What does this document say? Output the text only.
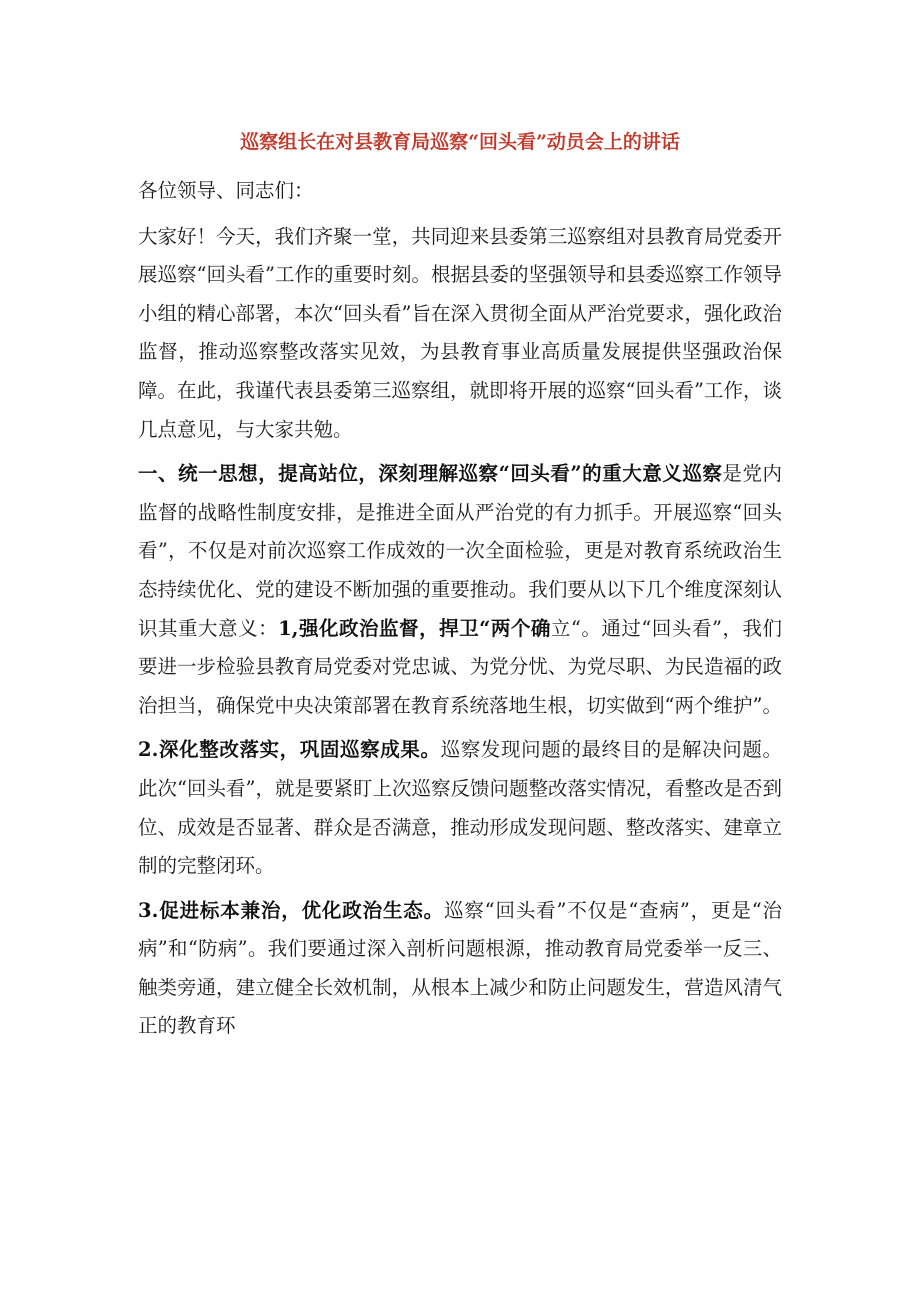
巡察组长在对县教育局巡察“回头看”动员会上的讲话

各位领导、同志们：

大家好！今天，我们齐聚一堂，共同迎来县委第三巡察组对县教育局党委开展巡察“回头看”工作的重要时刻。根据县委的坚强领导和县委巡察工作领导小组的精心部署，本次“回头看”旨在深入贯彻全面从严治党要求，强化政治监督，推动巡察整改落实见效，为县教育事业高质量发展提供坚强政治保障。在此，我谨代表县委第三巡察组，就即将开展的巡察“回头看”工作，谈几点意见，与大家共勉。

一、统一思想，提高站位，深刻理解巡察“回头看”的重大意义巡察是党内监督的战略性制度安排，是推进全面从严治党的有力抓手。开展巡察“回头看”，不仅是对前次巡察工作成效的一次全面检验，更是对教育系统政治生态持续优化、党的建设不断加强的重要推动。我们要从以下几个维度深刻认识其重大意义：1,强化政治监督，捍卫“两个确立“。通过“回头看”，我们要进一步检验县教育局党委对党忠诚、为党分忧、为党尽职、为民造福的政治担当，确保党中央决策部署在教育系统落地生根，切实做到“两个维护”。

2.深化整改落实，巩固巡察成果。巡察发现问题的最终目的是解决问题。此次“回头看”，就是要紧盯上次巡察反馈问题整改落实情况，看整改是否到位、成效是否显著、群众是否满意，推动形成发现问题、整改落实、建章立制的完整闭环。

3.促进标本兼治，优化政治生态。巡察“回头看”不仅是“查病”，更是“治病”和“防病”。我们要通过深入剖析问题根源，推动教育局党委举一反三、触类旁通，建立健全长效机制，从根本上减少和防止问题发生，营造风清气正的教育环
